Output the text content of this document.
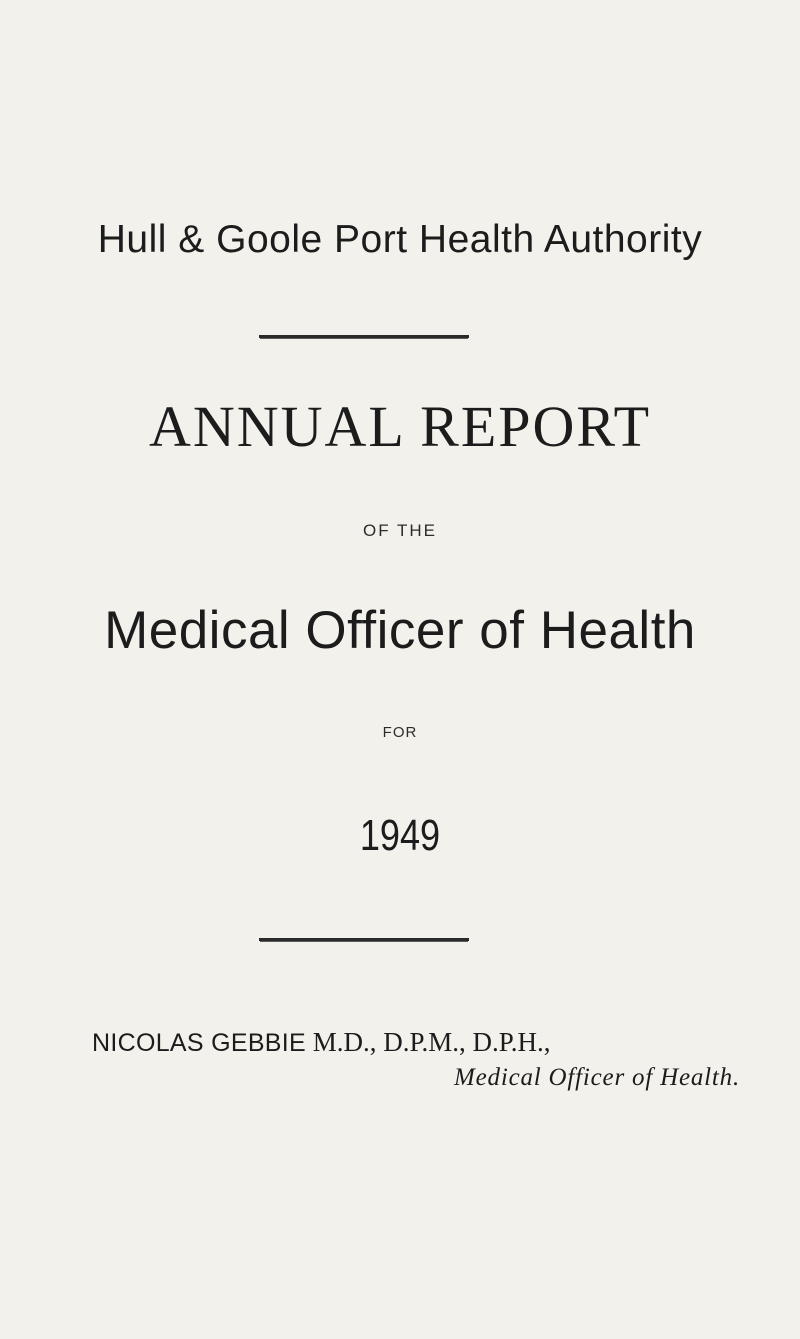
Hull & Goole Port Health Authority
ANNUAL REPORT
OF THE
Medical Officer of Health
FOR
1949
NICOLAS GEBBIE M.D., D.P.M., D.P.H.,
Medical Officer of Health.
